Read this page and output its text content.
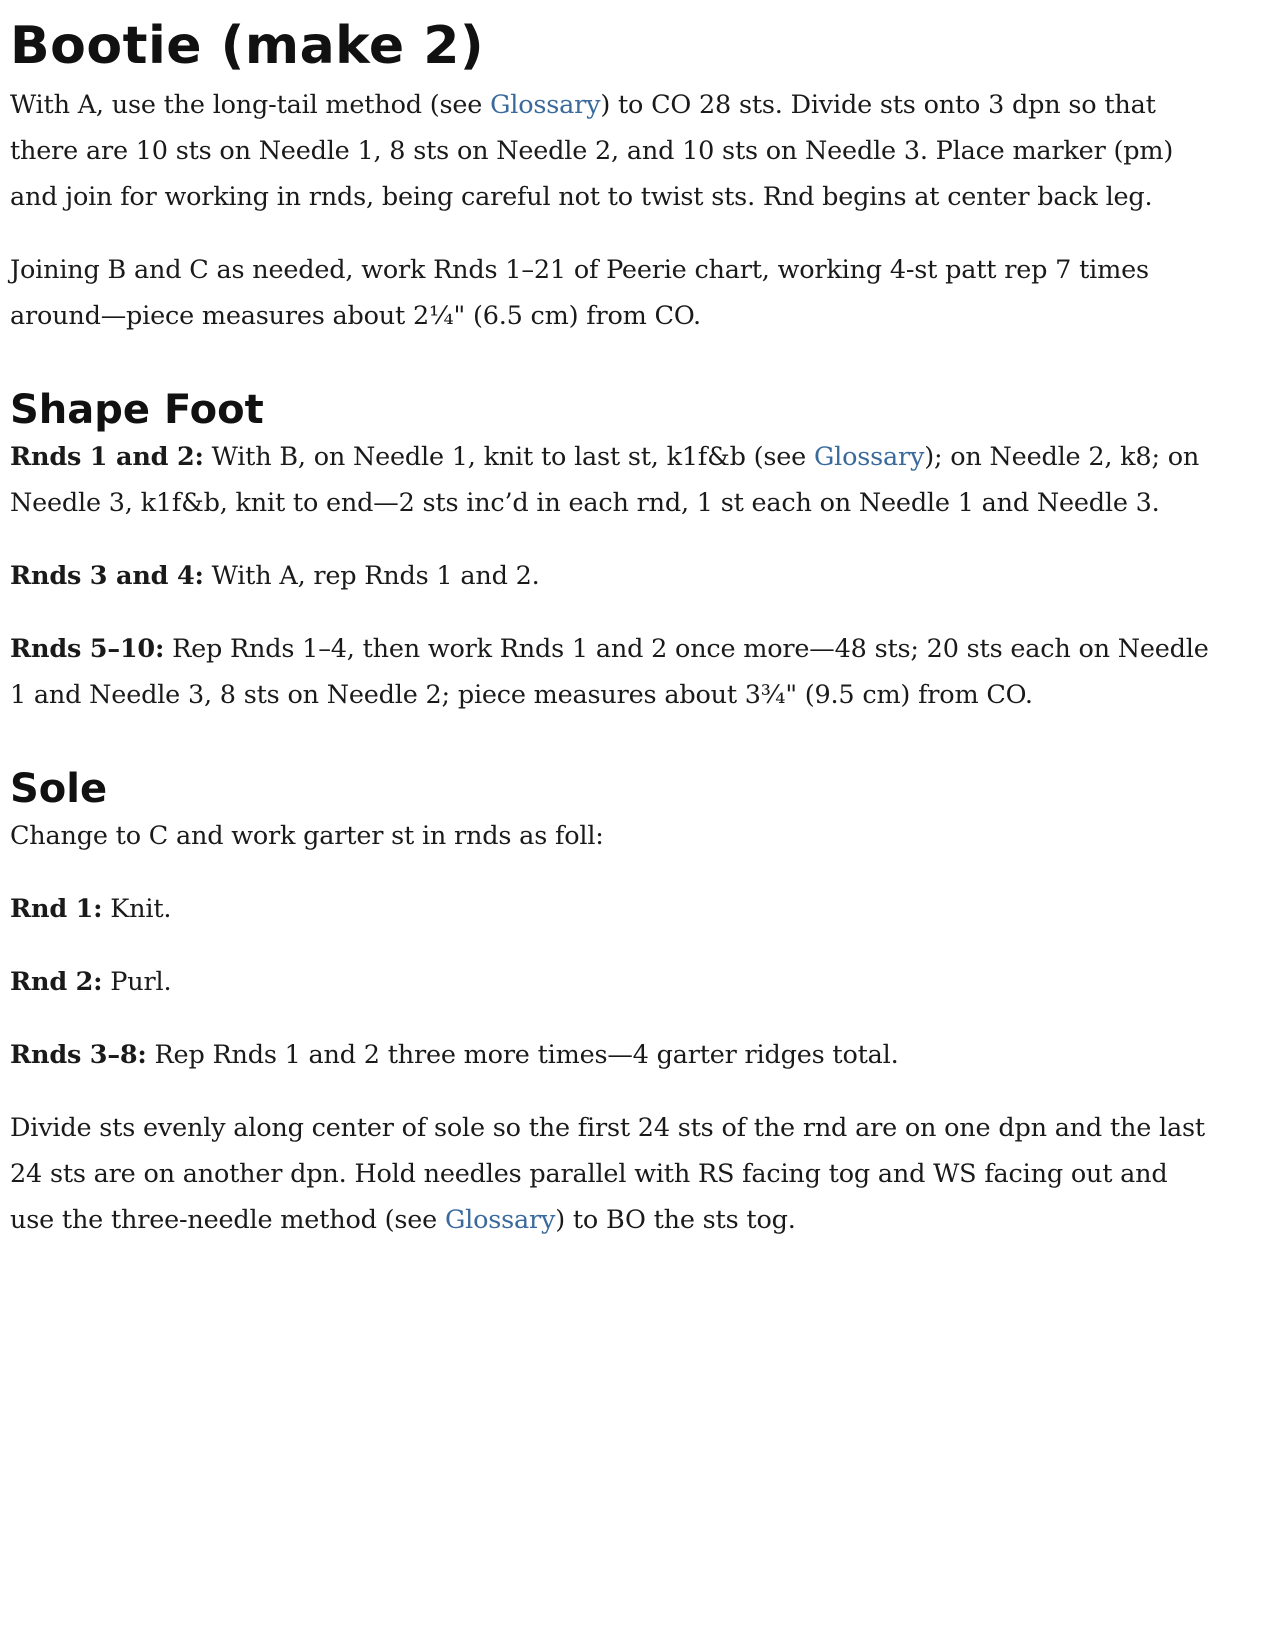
Bootie (make 2)

With A, use the long-tail method (see Glossary) to CO 28 sts. Divide sts onto 3 dpn so that there are 10 sts on Needle 1, 8 sts on Needle 2, and 10 sts on Needle 3. Place marker (pm) and join for working in rnds, being careful not to twist sts. Rnd begins at center back leg.

Joining B and C as needed, work Rnds 1–21 of Peerie chart, working 4-st patt rep 7 times around—piece measures about 2¼" (6.5 cm) from CO.

Shape Foot

Rnds 1 and 2: With B, on Needle 1, knit to last st, k1f&b (see Glossary); on Needle 2, k8; on Needle 3, k1f&b, knit to end—2 sts inc’d in each rnd, 1 st each on Needle 1 and Needle 3.

Rnds 3 and 4: With A, rep Rnds 1 and 2.

Rnds 5–10: Rep Rnds 1–4, then work Rnds 1 and 2 once more—48 sts; 20 sts each on Needle 1 and Needle 3, 8 sts on Needle 2; piece measures about 3¾" (9.5 cm) from CO.

Sole

Change to C and work garter st in rnds as foll:

Rnd 1: Knit.

Rnd 2: Purl.

Rnds 3–8: Rep Rnds 1 and 2 three more times—4 garter ridges total.

Divide sts evenly along center of sole so the first 24 sts of the rnd are on one dpn and the last 24 sts are on another dpn. Hold needles parallel with RS facing tog and WS facing out and use the three-needle method (see Glossary) to BO the sts tog.
